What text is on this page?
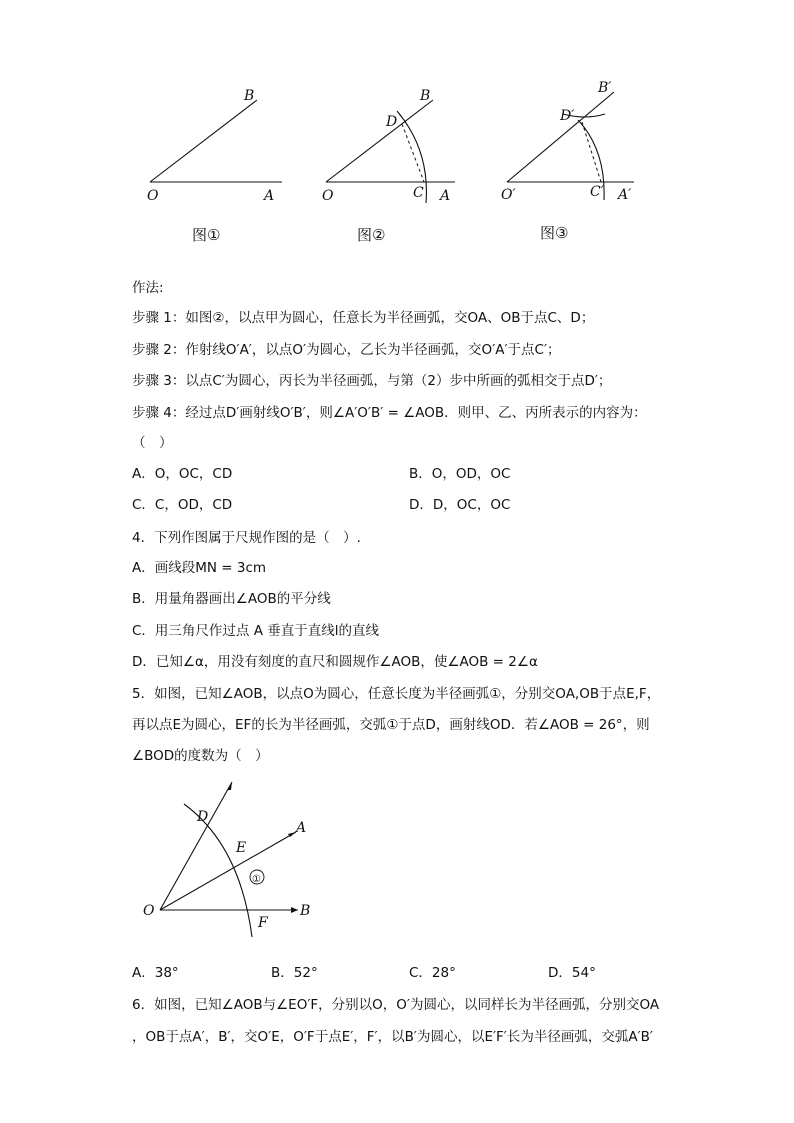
B
O	A
B
D
O	C A
B′
D′
O′	C′ A′
图①	图②	图③
作法:
步骤 1：如图②，以点甲为圆心，任意长为半径画弧，交OA、OB于点C、D；
步骤 2：作射线O′A′，以点O′为圆心，乙长为半径画弧，交O′A′于点C′；
步骤 3：以点C′为圆心，丙长为半径画弧，与第（2）步中所画的弧相交于点D′；
步骤 4：经过点D′画射线O′B′，则∠A′O′B′ = ∠AOB．则甲、乙、丙所表示的内容为：
（　）
A．O，OC，CD	B．O，OD，OC
C．C，OD，CD	D．D，OC，OC
4．下列作图属于尺规作图的是（　）.
A．画线段MN = 3cm
B．用量角器画出∠AOB的平分线
C．用三角尺作过点 A 垂直于直线l的直线
D．已知∠α，用没有刻度的直尺和圆规作∠AOB，使∠AOB = 2∠α
5．如图，已知∠AOB，以点O为圆心，任意长度为半径画弧①，分别交OA,OB于点E,F，
再以点E为圆心，EF的长为半径画弧，交弧①于点D，画射线OD．若∠AOB = 26°，则
∠BOD的度数为（　）
D
A
E
①
O
F
B
A．38°	B．52°	C．28°	D．54°
6．如图，已知∠AOB与∠EO′F，分别以O，O′为圆心，以同样长为半径画弧，分别交OA
，OB于点A′，B′，交O′E，O′F于点E′，F′，以B′为圆心，以E′F′长为半径画弧，交弧A′B′
